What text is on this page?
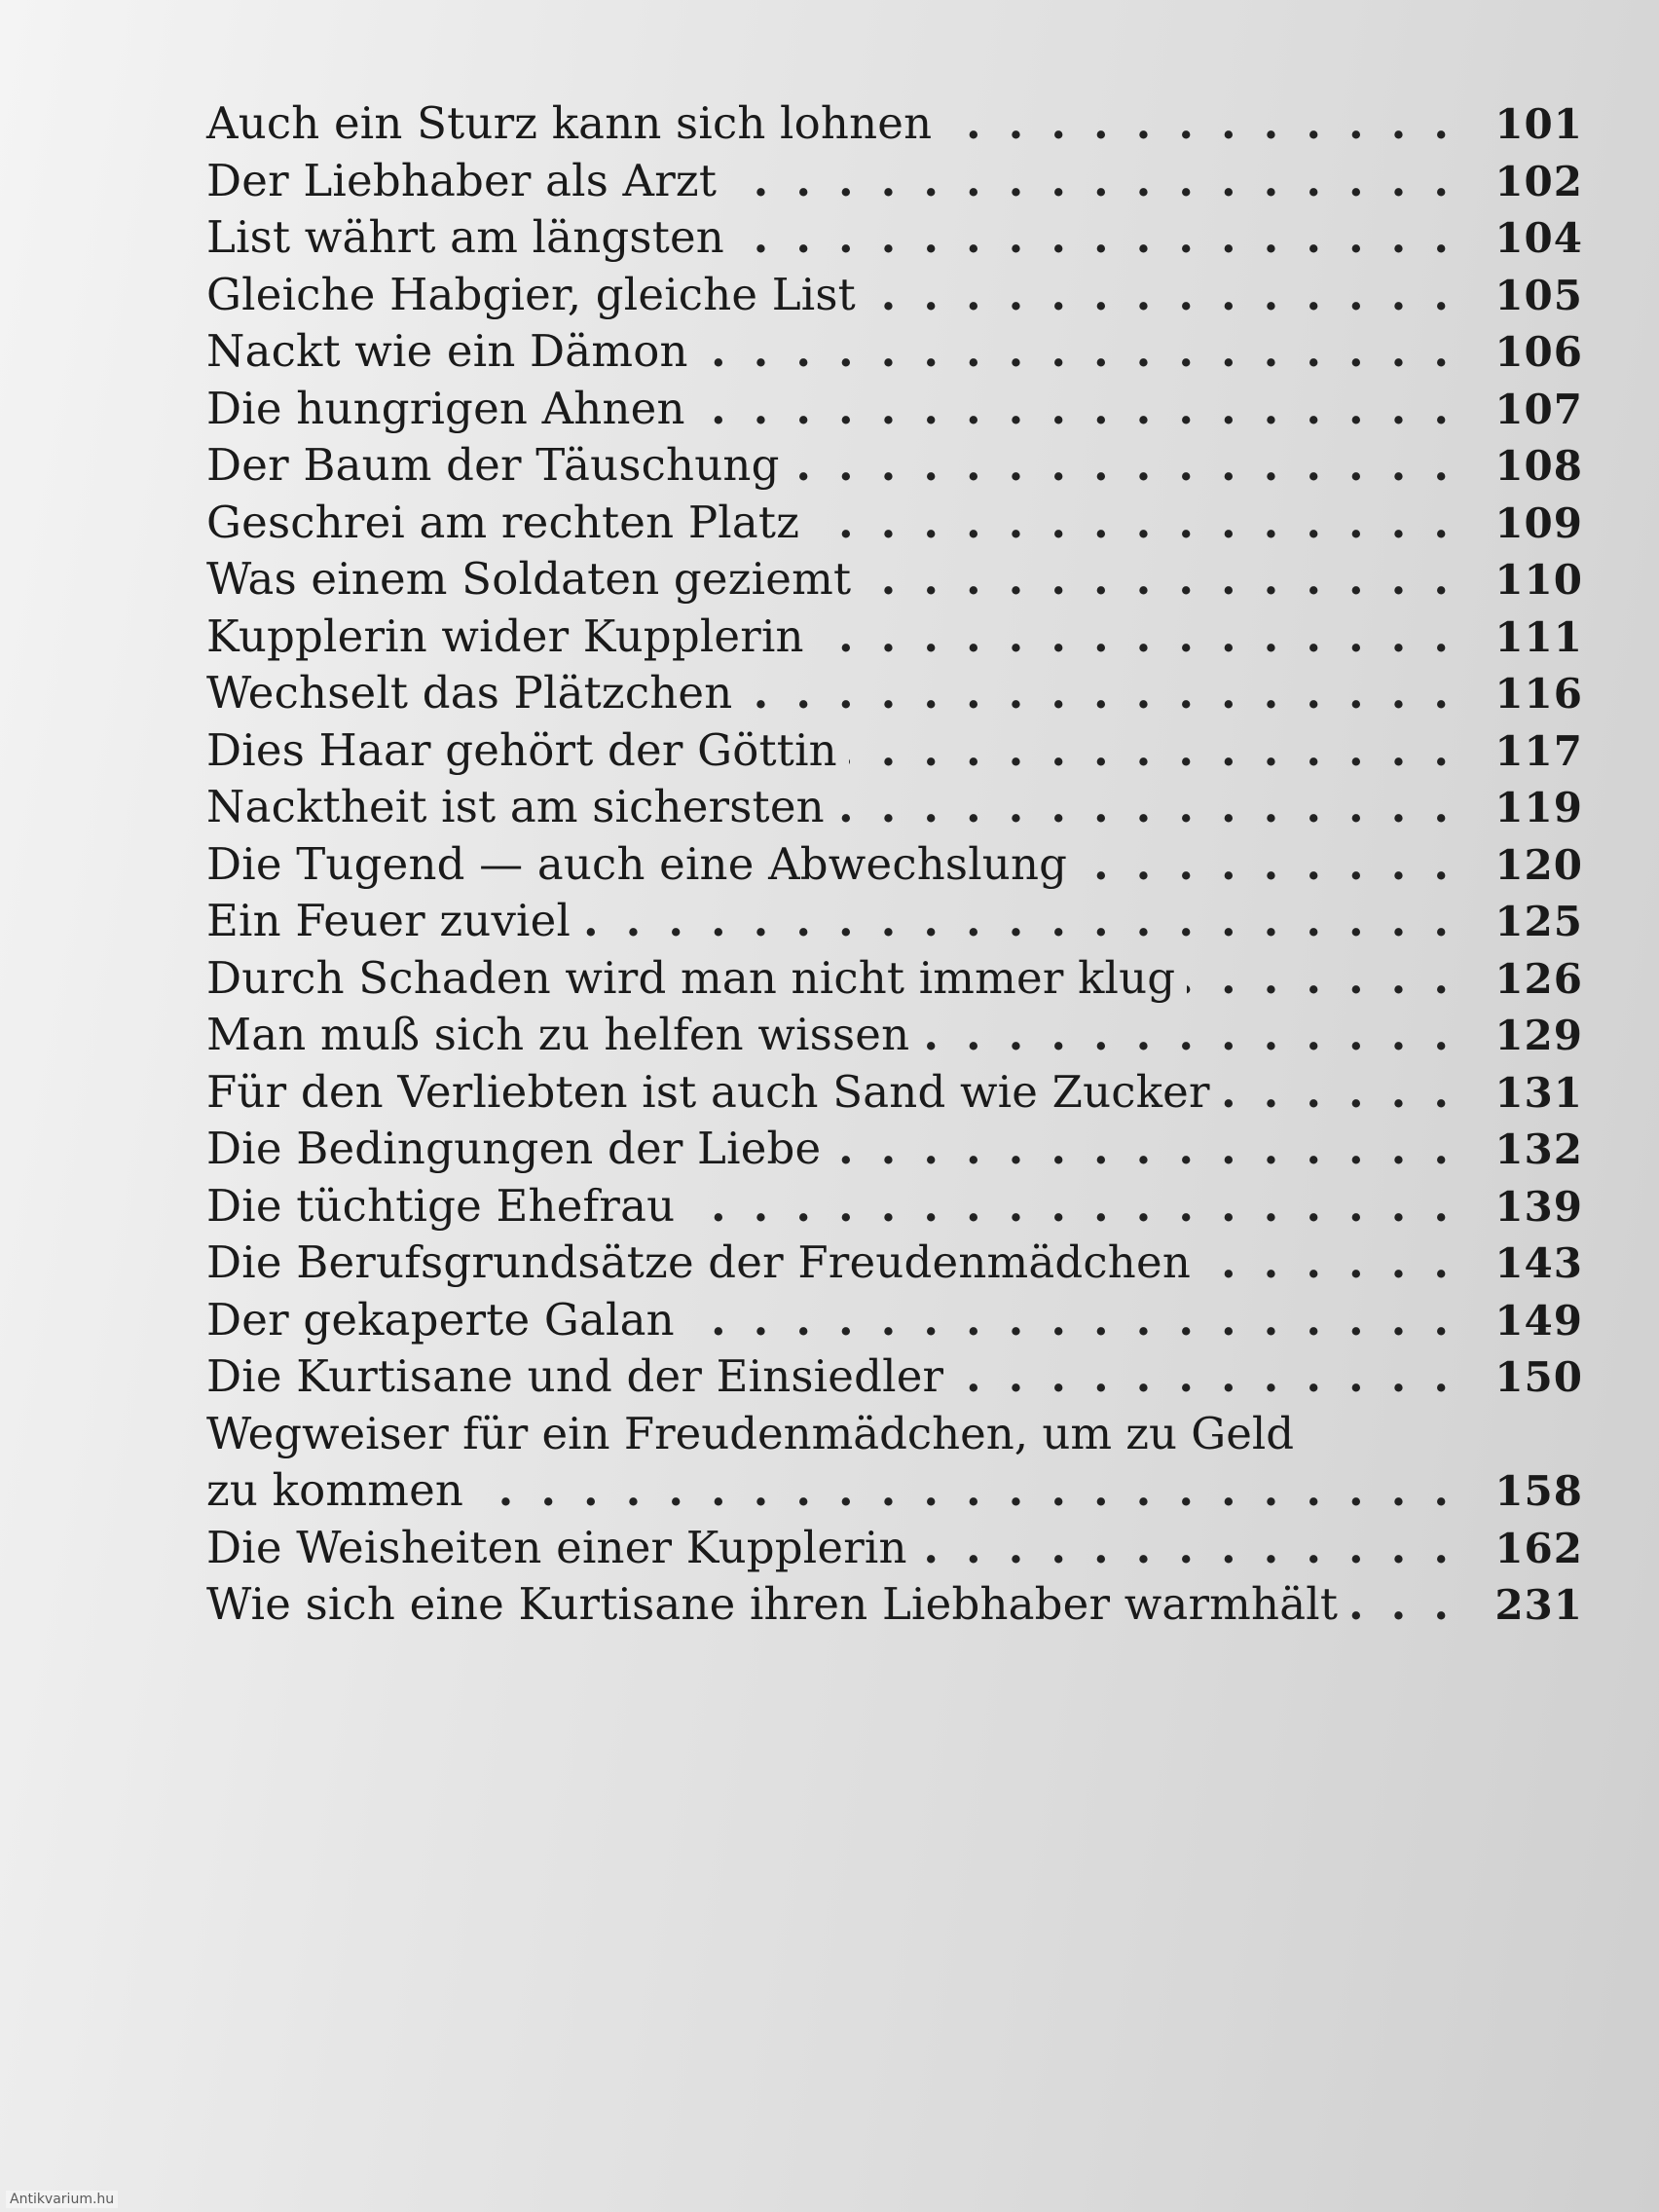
Auch ein Sturz kann sich lohnen .....	101
Der Liebhaber als Arzt .....	102
List währt am längsten .....	104
Gleiche Habgier, gleiche List .....	105
Nackt wie ein Dämon .....	106
Die hungrigen Ahnen .....	107
Der Baum der Täuschung .....	108
Geschrei am rechten Platz .....	109
Was einem Soldaten geziemt .....	110
Kupplerin wider Kupplerin .....	111
Wechselt das Plätzchen .....	116
Dies Haar gehört der Göttin .....	117
Nacktheit ist am sichersten .....	119
Die Tugend — auch eine Abwechslung .....	120
Ein Feuer zuviel .....	125
Durch Schaden wird man nicht immer klug .....	126
Man muß sich zu helfen wissen .....	129
Für den Verliebten ist auch Sand wie Zucker .....	131
Die Bedingungen der Liebe .....	132
Die tüchtige Ehefrau .....	139
Die Berufsgrundsätze der Freudenmädchen .....	143
Der gekaperte Galan .....	149
Die Kurtisane und der Einsiedler .....	150
Wegweiser für ein Freudenmädchen, um zu Geld
zu kommen .....	158
Die Weisheiten einer Kupplerin .....	162
Wie sich eine Kurtisane ihren Liebhaber warmhält .....	231
Antikvarium.hu
